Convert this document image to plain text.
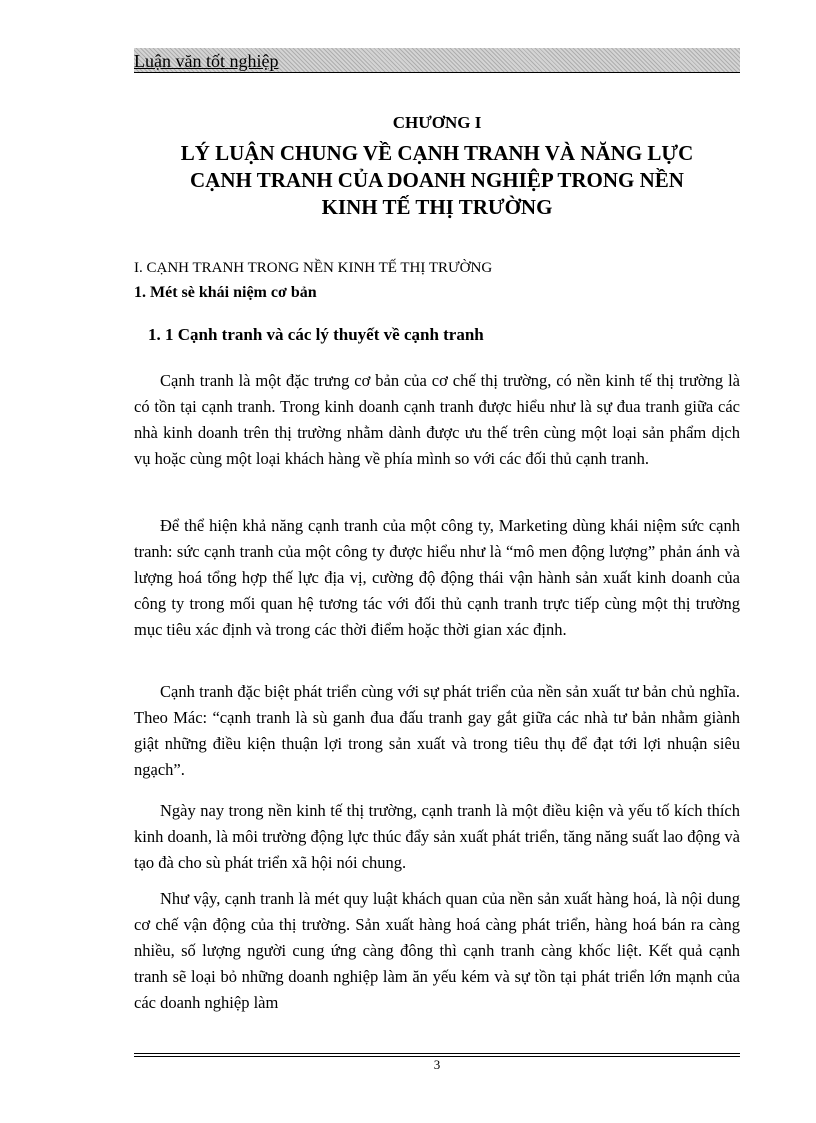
Luận văn tốt nghiệp
CHƯƠNG I
LÝ LUẬN CHUNG VỀ CẠNH TRANH VÀ NĂNG LỰC
CẠNH TRANH CỦA DOANH NGHIỆP TRONG NỀN
KINH TẾ THỊ TRƯỜNG
I. CẠNH TRANH TRONG NỀN KINH TẾ THỊ TRƯỜNG
1. Mét sè khái niệm cơ bản
1. 1 Cạnh tranh và các lý thuyết về cạnh tranh

Cạnh tranh là một đặc trưng cơ bản của cơ chế thị trường, có nền kinh tế thị trường là có tồn tại cạnh tranh. Trong kinh doanh cạnh tranh được hiểu như là sự đua tranh giữa các nhà kinh doanh trên thị trường nhằm dành được ưu thế trên cùng một loại sản phẩm dịch vụ hoặc cùng một loại khách hàng về phía mình so với các đối thủ cạnh tranh.

Để thể hiện khả năng cạnh tranh của một công ty, Marketing dùng khái niệm sức cạnh tranh: sức cạnh tranh của một công ty được hiểu như là “mô men động lượng” phản ánh và lượng hoá tổng hợp thế lực địa vị, cường độ động thái vận hành sản xuất kinh doanh của công ty trong mối quan hệ tương tác với đối thủ cạnh tranh trực tiếp cùng một thị trường mục tiêu xác định và trong các thời điểm hoặc thời gian xác định.

Cạnh tranh đặc biệt phát triển cùng với sự phát triển của nền sản xuất tư bản chủ nghĩa. Theo Mác: “cạnh tranh là sù ganh đua đấu tranh gay gắt giữa các nhà tư bản nhằm giành giật những điều kiện thuận lợi trong sản xuất và trong tiêu thụ để đạt tới lợi nhuận siêu ngạch”.

Ngày nay trong nền kinh tế thị trường, cạnh tranh là một điều kiện và yếu tố kích thích kinh doanh, là môi trường động lực thúc đẩy sản xuất phát triển, tăng năng suất lao động và tạo đà cho sù phát triển xã hội nói chung.

Như vậy, cạnh tranh là mét quy luật khách quan của nền sản xuất hàng hoá, là nội dung cơ chế vận động của thị trường. Sản xuất hàng hoá càng phát triển, hàng hoá bán ra càng nhiều, số lượng người cung ứng càng đông thì cạnh tranh càng khốc liệt. Kết quả cạnh tranh sẽ loại bỏ những doanh nghiệp làm ăn yếu kém và sự tồn tại phát triển lớn mạnh của các doanh nghiệp làm

3
